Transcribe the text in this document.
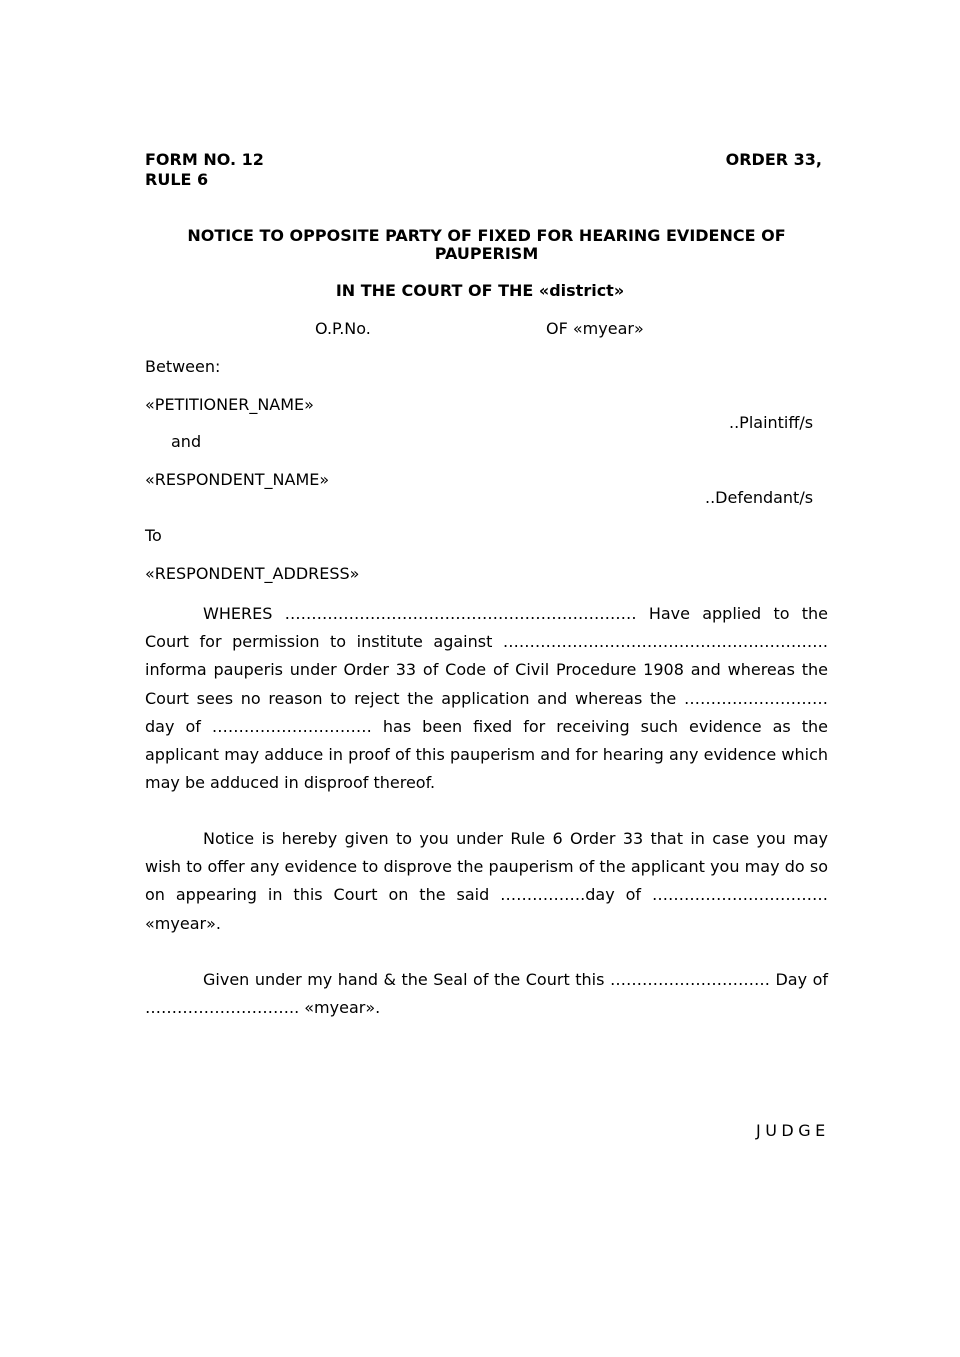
FORM NO. 12
RULE 6
ORDER 33,
NOTICE TO OPPOSITE PARTY OF FIXED FOR HEARING EVIDENCE OF PAUPERISM
IN THE COURT OF THE «district»
O.P.No.	OF «myear»
Between:
«PETITIONER_NAME»
..Plaintiff/s
and
«RESPONDENT_NAME»
..Defendant/s
To
«RESPONDENT_ADDRESS»

WHERES ………………………………………………………… Have applied to the Court for permission to institute against ……………………………………………………. informa pauperis under Order 33 of Code of Civil Procedure 1908 and whereas the Court sees no reason to reject the application and whereas the ……………………… day of ………………………… has been fixed for receiving such evidence as the applicant may adduce in proof of this pauperism and for hearing any evidence which may be adduced in disproof thereof.

Notice is hereby given to you under Rule 6 Order 33 that in case you may wish to offer any evidence to disprove the pauperism of the applicant you may do so on appearing in this Court on the said …………….day of …………………………… «myear».

Given under my hand & the Seal of the Court this ………………………… Day of ……………………….. «myear».

JUDGE
